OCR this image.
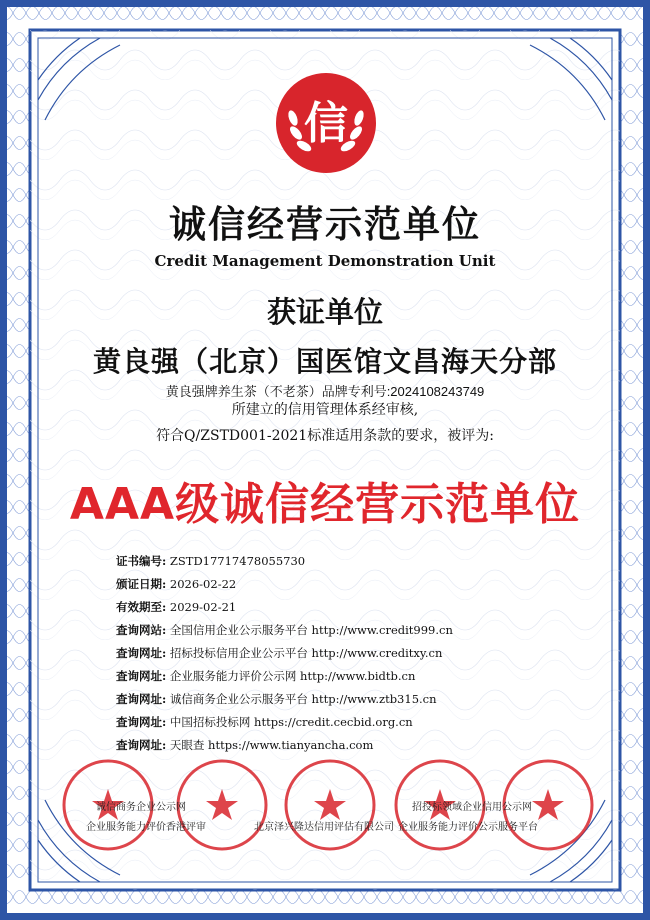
信
诚信经营示范单位
Credit Management Demonstration Unit
获证单位
黄良强（北京）国医馆文昌海天分部
黄良强牌养生茶（不老茶）品牌专利号:2024108243749
所建立的信用管理体系经审核,
符合Q/ZSTD001-2021标准适用条款的要求，被评为:
AAA级诚信经营示范单位
证书编号: ZSTD17717478055730
颁证日期: 2026-02-22
有效期至: 2029-02-21
查询网站: 全国信用企业公示服务平台 http://www.credit999.cn
查询网址: 招标投标信用企业公示平台 http://www.creditxy.cn
查询网址: 企业服务能力评价公示网 http://www.bidtb.cn
查询网址: 诚信商务企业公示服务平台 http://www.ztb315.cn
查询网址: 中国招标投标网 https://credit.cecbid.org.cn
查询网址: 天眼查 https://www.tianyancha.com
诚信商务企业公示网
企业服务能力评价香港评审	北京泽兴隆达信用评估有限公司
招投标领域企业信用公示网
企业服务能力评价公示服务平台
